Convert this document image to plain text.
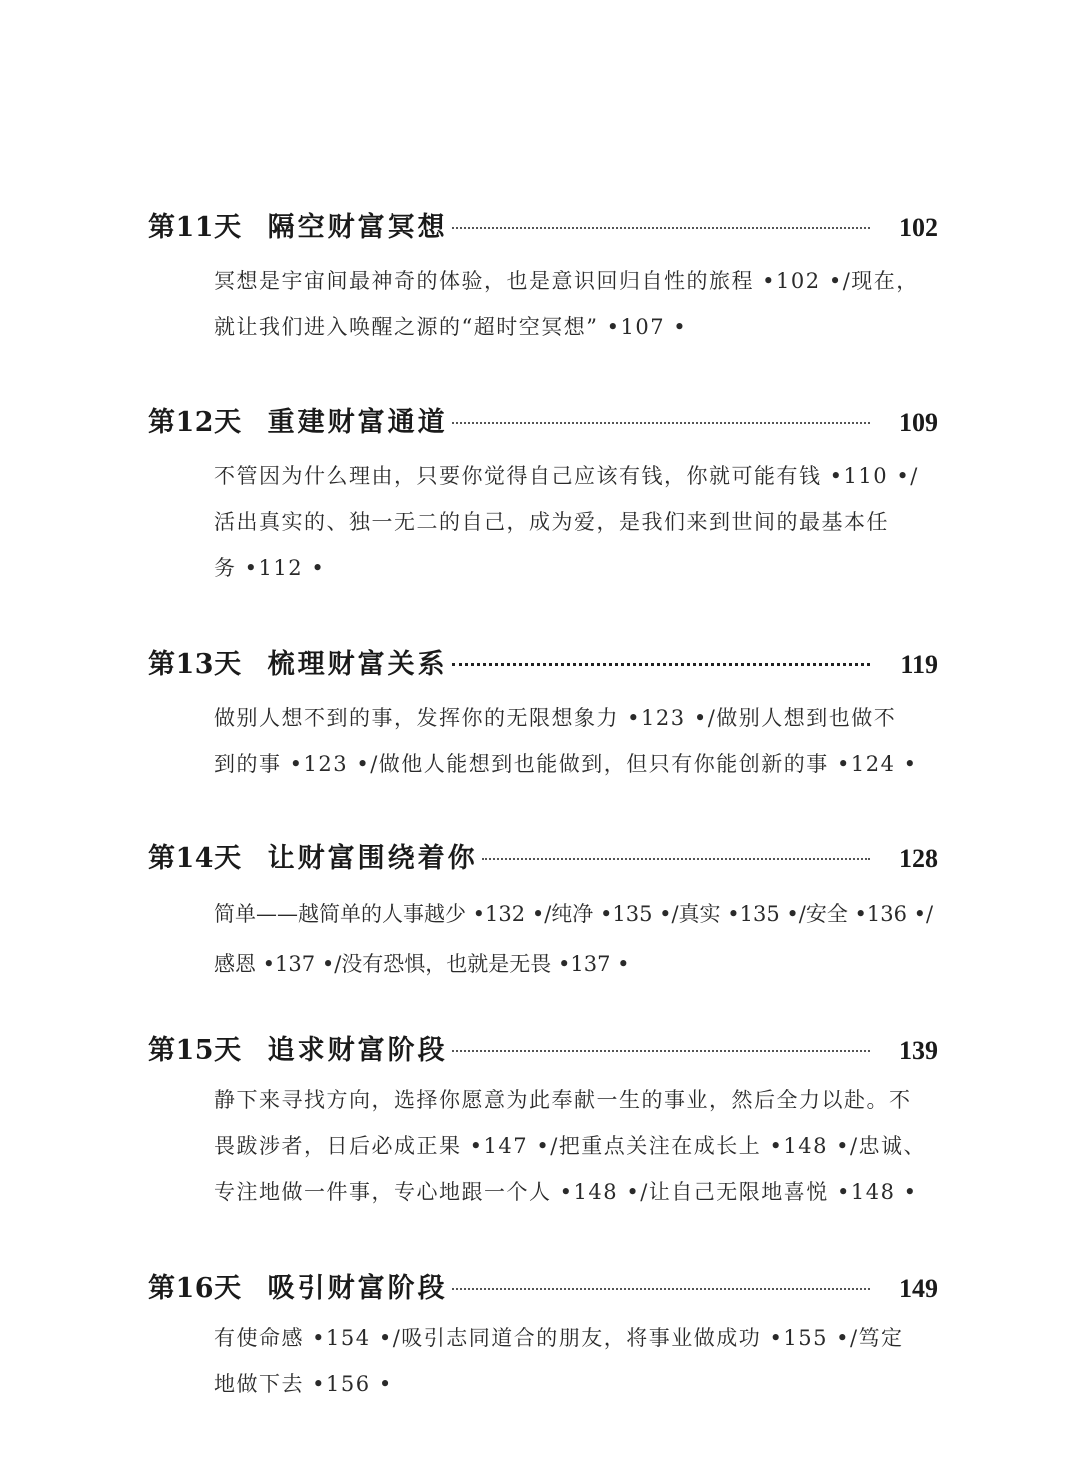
第11天 隔空财富冥想	102

冥想是宇宙间最神奇的体验，也是意识回归自性的旅程 •102 •/现在，

就让我们进入唤醒之源的“超时空冥想” •107 •

第12天 重建财富通道	109

不管因为什么理由，只要你觉得自己应该有钱，你就可能有钱 •110 •/

活出真实的、独一无二的自己，成为爱，是我们来到世间的最基本任

务 •112 •

第13天 梳理财富关系	119

做别人想不到的事，发挥你的无限想象力 •123 •/做别人想到也做不

到的事 •123 •/做他人能想到也能做到，但只有你能创新的事 •124 •

第14天 让财富围绕着你	128

简单——越简单的人事越少 •132 •/纯净 •135 •/真实 •135 •/安全 •136 •/

感恩 •137 •/没有恐惧，也就是无畏 •137 •

第15天 追求财富阶段	139

静下来寻找方向，选择你愿意为此奉献一生的事业，然后全力以赴。不

畏跋涉者，日后必成正果 •147 •/把重点关注在成长上 •148 •/忠诚、

专注地做一件事，专心地跟一个人 •148 •/让自己无限地喜悦 •148 •

第16天 吸引财富阶段	149

有使命感 •154 •/吸引志同道合的朋友，将事业做成功 •155 •/笃定

地做下去 •156 •
